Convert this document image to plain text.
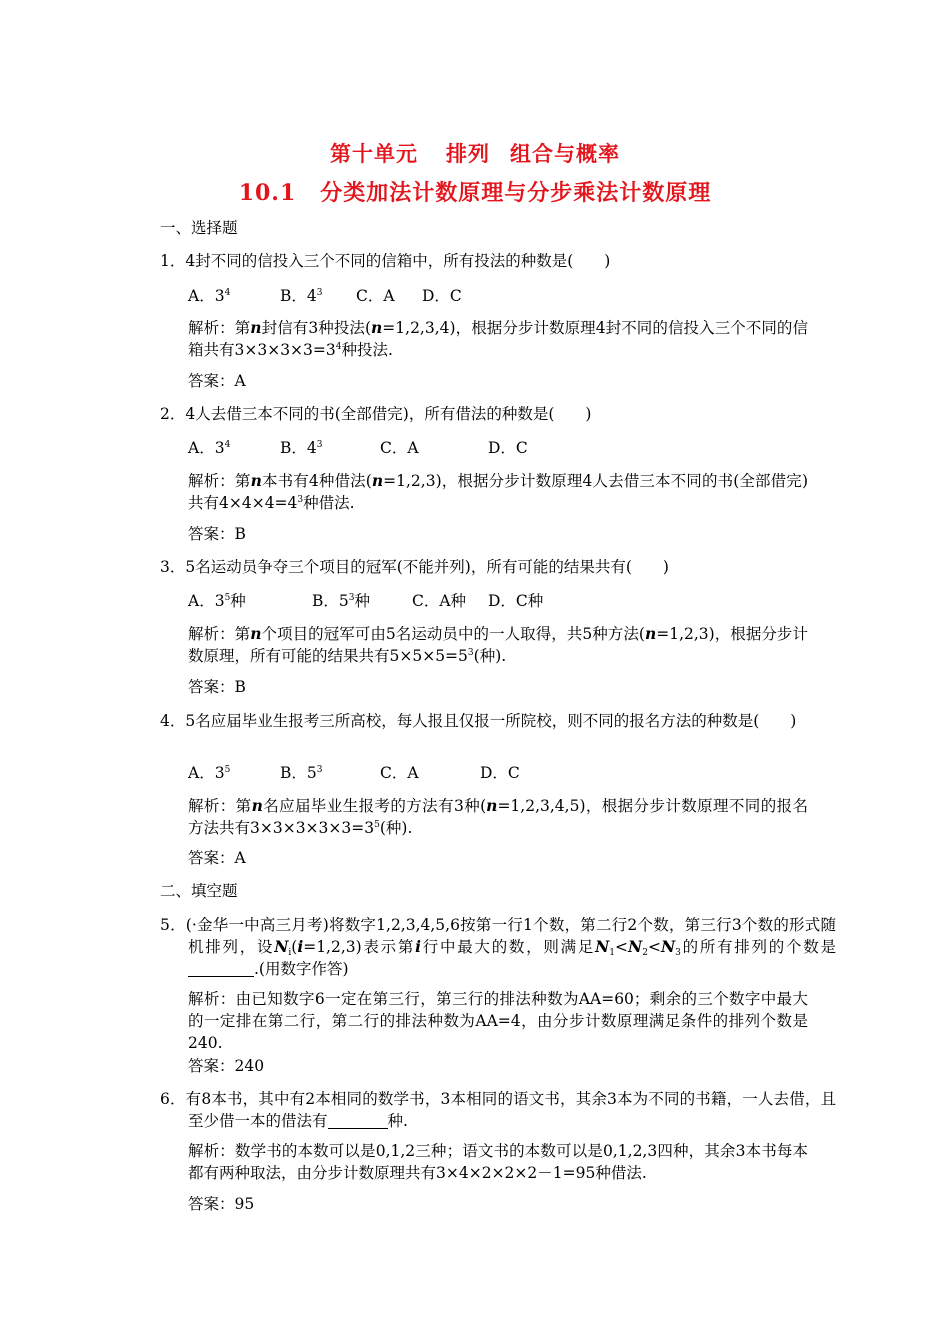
第十单元 排列 组合与概率
10.1 分类加法计数原理与分步乘法计数原理
一、选择题
1．4封不同的信投入三个不同的信箱中，所有投法的种数是(　　)
A．$3^4$	B．$4^3$ C．A D．C
解析：第n封信有3种投法(n=1,2,3,4)，根据分步计数原理4封不同的信投入三个不同的信箱共有$3\times 3\times 3\times 3=3^4$种投法.
答案：A
2．4人去借三本不同的书(全部借完)，所有借法的种数是(　　)
A．$3^4$	B．$4^3$	C．A	D．C
解析：第n本书有4种借法(n=1,2,3)，根据分步计数原理4人去借三本不同的书(全部借完)共有$4\times 4\times 4=4^3$种借法.
答案：B
3．5名运动员争夺三个项目的冠军(不能并列)，所有可能的结果共有(　　)
A．$3^5$种	B．$5^3$种	C．A种 D．C种
解析：第n个项目的冠军可由5名运动员中的一人取得，共5种方法(n=1,2,3)，根据分步计数原理，所有可能的结果共有$5\times 5\times 5=5^3$(种).
答案：B
4．5名应届毕业生报考三所高校，每人报且仅报一所院校，则不同的报名方法的种数是(　　)
A．$3^5$	B．$5^3$	C．A	D．C
解析：第n名应届毕业生报考的方法有3种(n=1,2,3,4,5)，根据分步计数原理不同的报名方法共有$3\times 3\times 3\times 3\times 3=3^5$(种).
答案：A
二、填空题
5．(·金华一中高三月考)将数字1,2,3,4,5,6按第一行1个数，第二行2个数，第三行3个数的形式随机排列，设$N_i(i=1,2,3)$表示第i行中最大的数，则满足$N_1<N_2<N_3$的所有排列的个数是.(用数字作答)
解析：由已知数字6一定在第三行，第三行的排法种数为AA=60；剩余的三个数字中最大的一定排在第二行，第二行的排法种数为AA=4，由分步计数原理满足条件的排列个数是240.
答案：240
6．有8本书，其中有2本相同的数学书，3本相同的语文书，其余3本为不同的书籍，一人去借，且至少借一本的借法有	种.
解析：数学书的本数可以是0,1,2三种；语文书的本数可以是0,1,2,3四种，其余3本书每本都有两种取法，由分步计数原理共有3×4×2×2×2－1=95种借法.
答案：95
